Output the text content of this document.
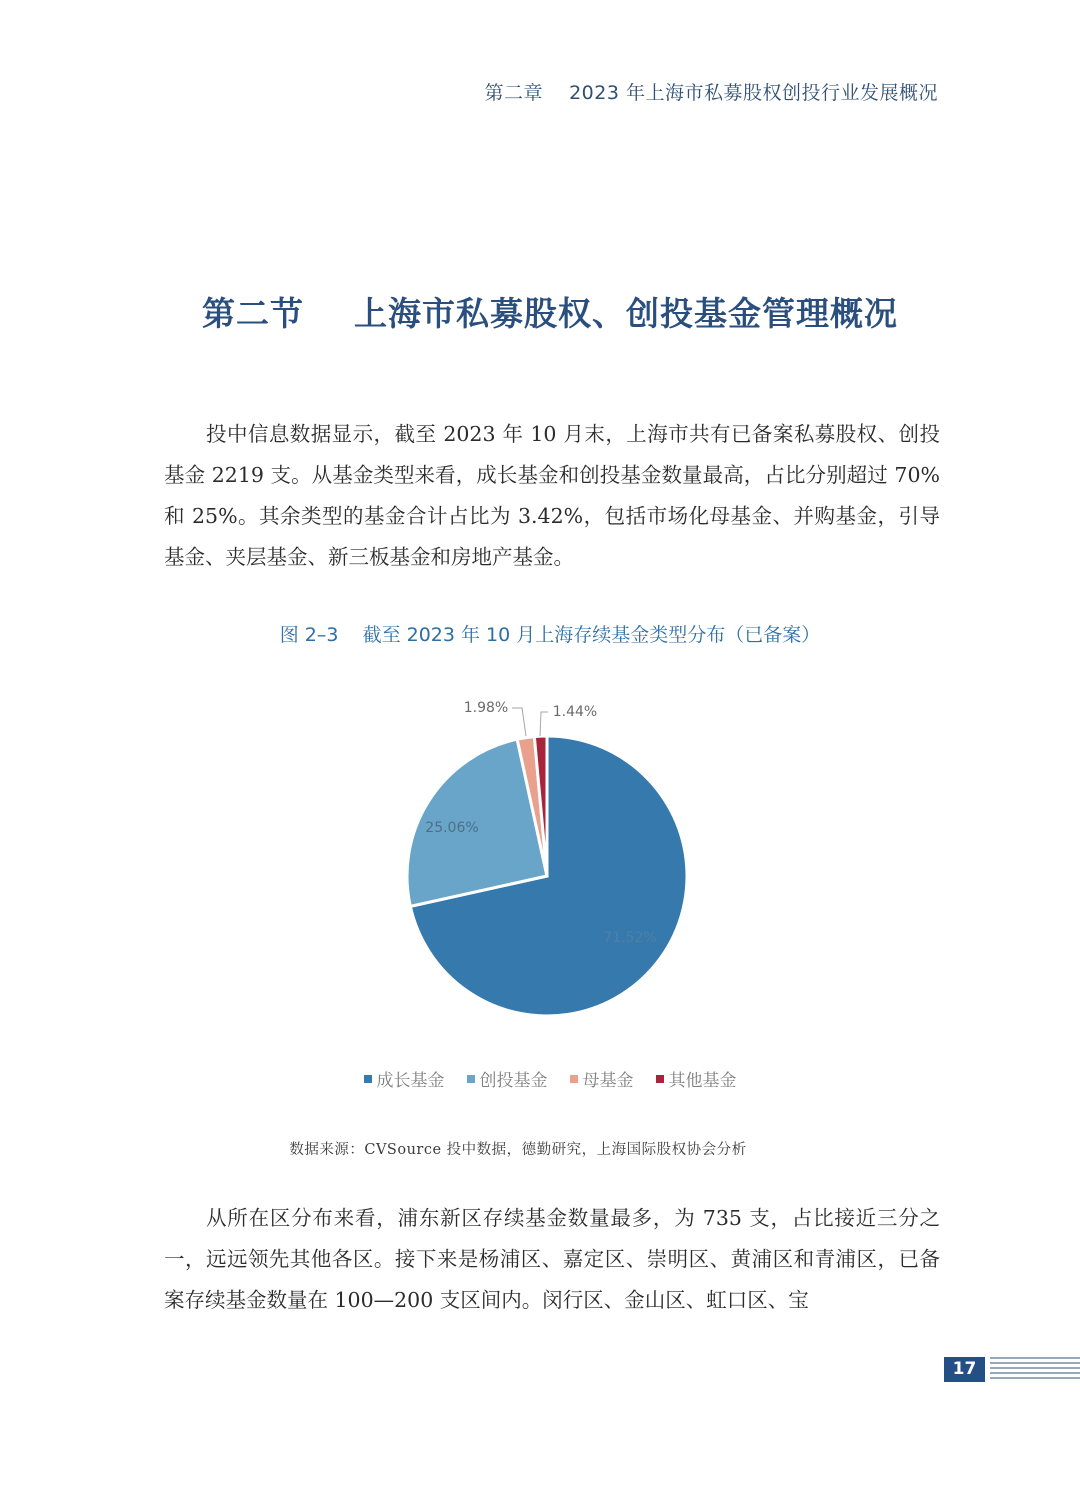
第二章    2023 年上海市私募股权创投行业发展概况
第二节    上海市私募股权、创投基金管理概况
投中信息数据显示，截至 2023 年 10 月末，上海市共有已备案私募股权、创投基金 2219 支。从基金类型来看，成长基金和创投基金数量最高，占比分别超过 70% 和 25%。其余类型的基金合计占比为 3.42%，包括市场化母基金、并购基金，引导基金、夹层基金、新三板基金和房地产基金。
图 2–3    截至 2023 年 10 月上海存续基金类型分布（已备案）
71.52%
25.06%
1.98%	1.44%
成长基金 创投基金 母基金 其他基金
数据来源：CVSource 投中数据，德勤研究，上海国际股权协会分析
从所在区分布来看，浦东新区存续基金数量最多，为 735 支，占比接近三分之一，远远领先其他各区。接下来是杨浦区、嘉定区、崇明区、黄浦区和青浦区，已备案存续基金数量在 100—200 支区间内。闵行区、金山区、虹口区、宝
17
